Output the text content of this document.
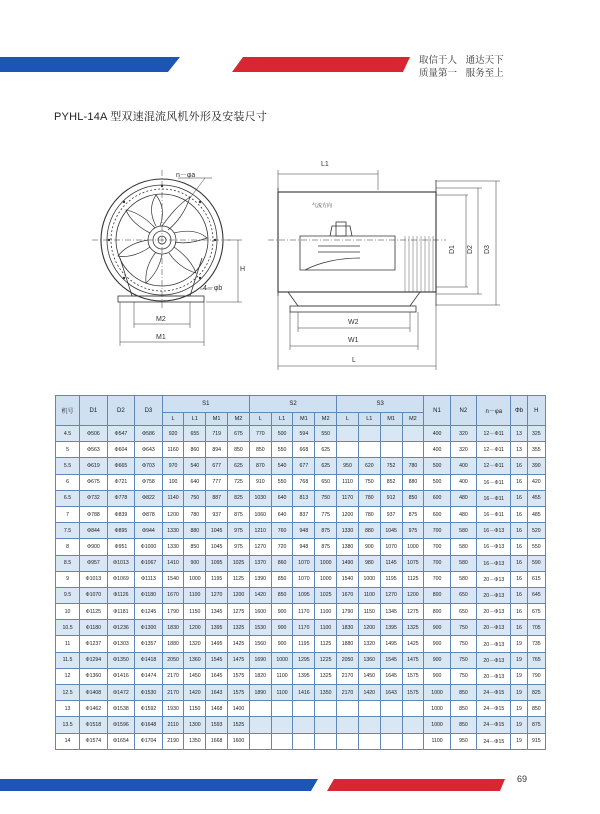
取信于人 通达天下
质量第一 服务至上
PYHL-14A 型双速混流风机外形及安装尺寸
n－φa
4－φb
H
M2
M1
L1
气流方向
D1 D2 D3
W2
W1
L
机号	D1	D2	D3	S1				S2				S3				N1	N2	n－φa	Φb	H
				L	L1	M1	M2	L	L1	M1	M2	L	L1	M1	M2					
4.5	Φ506	Φ547	Φ586	920	655	719	675	770	500	594	550					400	320	12－Φ11	13	325
5	Φ563	Φ604	Φ643	1160	860	894	850	850	550	668	625					400	320	12－Φ11	13	355
5.5	Φ619	Φ665	Φ703	970	540	677	625	870	540	677	625	950	620	752	780	500	400	12－Φ11	16	390
6	Φ675	Φ721	Φ758	100	640	777	725	910	550	768	650	1110	750	852	880	500	400	16－Φ11	16	420
6.5	Φ732	Φ778	Φ822	1140	750	887	825	1030	640	813	750	1170	780	912	850	600	480	16－Φ11	16	455
7	Φ788	Φ839	Φ878	1200	780	937	875	1060	640	837	775	1200	780	937	875	600	480	16－Φ11	16	485
7.5	Φ844	Φ895	Φ944	1330	880	1045	975	1210	760	948	875	1330	880	1045	975	700	580	16－Φ13	16	520
8	Φ900	Φ951	Φ1000	1330	850	1045	975	1270	720	948	875	1380	900	1070	1000	700	580	16－Φ13	16	550
8.5	Φ957	Φ1013	Φ1067	1410	900	1095	1025	1370	860	1070	1000	1490	980	1145	1075	700	580	16－Φ13	16	590
9	Φ1013	Φ1069	Φ1113	1540	1000	1195	1125	1390	850	1070	1000	1540	1000	1195	1125	700	580	20－Φ13	16	615
9.5	Φ1070	Φ1126	Φ1180	1670	1100	1270	1200	1420	850	1095	1025	1670	1100	1270	1200	800	650	20－Φ13	16	645
10	Φ1125	Φ1181	Φ1245	1790	1150	1345	1275	1600	900	1170	1100	1790	1150	1345	1275	800	650	20－Φ13	16	675
10.5	Φ1180	Φ1236	Φ1300	1830	1200	1395	1325	1530	900	1170	1100	1830	1200	1395	1325	900	750	20－Φ13	16	705
11	Φ1237	Φ1303	Φ1357	1880	1320	1495	1425	1560	900	1195	1125	1880	1320	1495	1425	900	750	20－Φ13	19	735
11.5	Φ1294	Φ1350	Φ1418	2050	1360	1545	1475	1690	1000	1295	1225	2050	1360	1545	1475	900	750	20－Φ13	19	765
12	Φ1360	Φ1416	Φ1474	2170	1450	1645	1575	1820	1100	1395	1325	2170	1450	1645	1575	900	750	20－Φ13	19	790
12.5	Φ1408	Φ1472	Φ1530	2170	1420	1643	1575	1890	1100	1416	1350	2170	1420	1643	1575	1000	850	24－Φ15	19	825
13	Φ1462	Φ1538	Φ1592	1930	1150	1468	1400									1000	850	24－Φ15	19	850
13.5	Φ1518	Φ1596	Φ1648	2110	1300	1593	1525									1000	850	24－Φ15	19	875
14	Φ1574	Φ1654	Φ1704	2190	1350	1668	1600									1100	950	24－Φ15	19	915
69
